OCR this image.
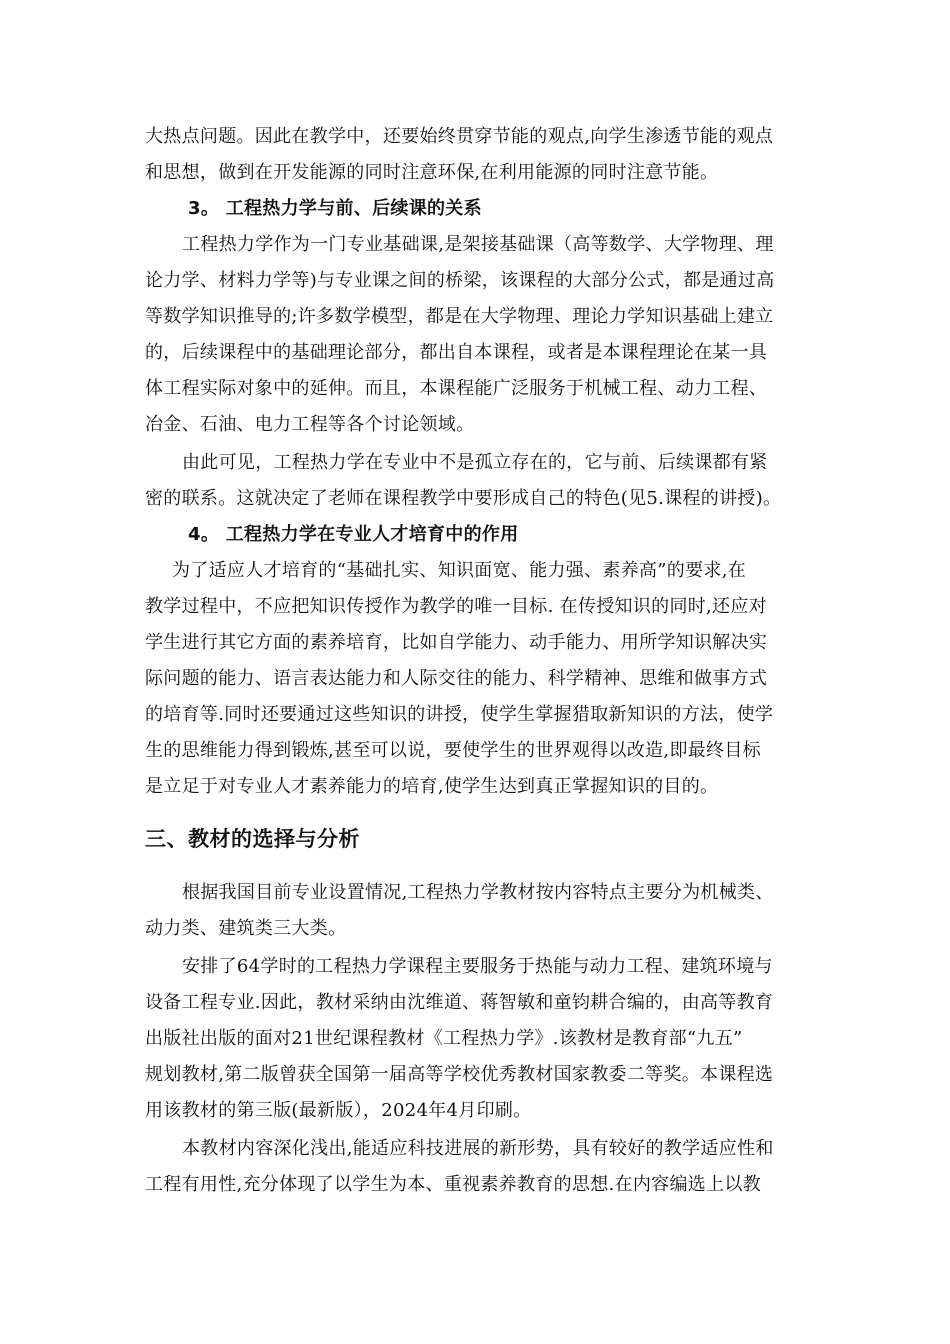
大热点问题。因此在教学中，还要始终贯穿节能的观点,向学生渗透节能的观点
和思想，做到在开发能源的同时注意环保,在利用能源的同时注意节能。
3。 工程热力学与前、后续课的关系
工程热力学作为一门专业基础课,是架接基础课（高等数学、大学物理、理
论力学、材料力学等)与专业课之间的桥梁，该课程的大部分公式，都是通过高
等数学知识推导的;许多数学模型，都是在大学物理、理论力学知识基础上建立
的，后续课程中的基础理论部分，都出自本课程，或者是本课程理论在某一具
体工程实际对象中的延伸。而且，本课程能广泛服务于机械工程、动力工程、
冶金、石油、电力工程等各个讨论领域。
由此可见，工程热力学在专业中不是孤立存在的，它与前、后续课都有紧
密的联系。这就决定了老师在课程教学中要形成自己的特色(见5.课程的讲授)。
4。 工程热力学在专业人才培育中的作用
为了适应人才培育的“基础扎实、知识面宽、能力强、素养高”的要求,在
教学过程中，不应把知识传授作为教学的唯一目标. 在传授知识的同时,还应对
学生进行其它方面的素养培育，比如自学能力、动手能力、用所学知识解决实
际问题的能力、语言表达能力和人际交往的能力、科学精神、思维和做事方式
的培育等.同时还要通过这些知识的讲授，使学生掌握猎取新知识的方法，使学
生的思维能力得到锻炼,甚至可以说，要使学生的世界观得以改造,即最终目标
是立足于对专业人才素养能力的培育,使学生达到真正掌握知识的目的。
三、教材的选择与分析
根据我国目前专业设置情况,工程热力学教材按内容特点主要分为机械类、
动力类、建筑类三大类。
安排了64学时的工程热力学课程主要服务于热能与动力工程、建筑环境与
设备工程专业.因此，教材采纳由沈维道、蒋智敏和童钧耕合编的，由高等教育
出版社出版的面对21世纪课程教材《工程热力学》.该教材是教育部“九五”
规划教材,第二版曾获全国第一届高等学校优秀教材国家教委二等奖。本课程选
用该教材的第三版(最新版），2024年4月印刷。
本教材内容深化浅出,能适应科技进展的新形势，具有较好的教学适应性和
工程有用性,充分体现了以学生为本、重视素养教育的思想.在内容编选上以教
